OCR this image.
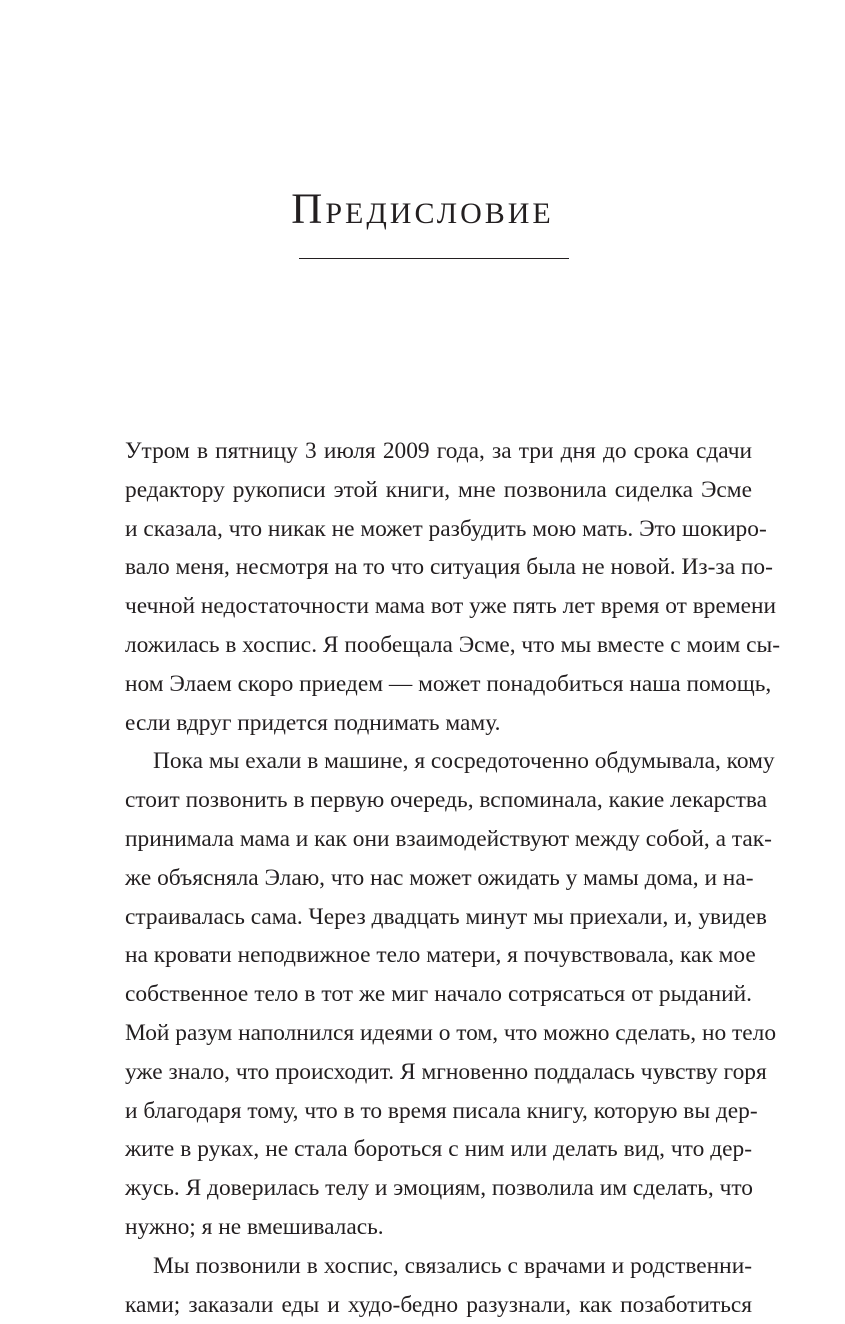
Предисловие
Утром в пятницу 3 июля 2009 года, за три дня до срока сдачи
редактору рукописи этой книги, мне позвонила сиделка Эсме
и сказала, что никак не может разбудить мою мать. Это шокиро-
вало меня, несмотря на то что ситуация была не новой. Из-за по-
чечной недостаточности мама вот уже пять лет время от времени
ложилась в хоспис. Я пообещала Эсме, что мы вместе с моим сы-
ном Элаем скоро приедем — может понадобиться наша помощь,
если вдруг придется поднимать маму.
Пока мы ехали в машине, я сосредоточенно обдумывала, кому
стоит позвонить в первую очередь, вспоминала, какие лекарства
принимала мама и как они взаимодействуют между собой, а так-
же объясняла Элаю, что нас может ожидать у мамы дома, и на-
страивалась сама. Через двадцать минут мы приехали, и, увидев
на кровати неподвижное тело матери, я почувствовала, как мое
собственное тело в тот же миг начало сотрясаться от рыданий.
Мой разум наполнился идеями о том, что можно сделать, но тело
уже знало, что происходит. Я мгновенно поддалась чувству горя
и благодаря тому, что в то время писала книгу, которую вы дер-
жите в руках, не стала бороться с ним или делать вид, что дер-
жусь. Я доверилась телу и эмоциям, позволила им сделать, что
нужно; я не вмешивалась.
Мы позвонили в хоспис, связались с врачами и родственни-
ками; заказали еды и худо-бедно разузнали, как позаботиться
